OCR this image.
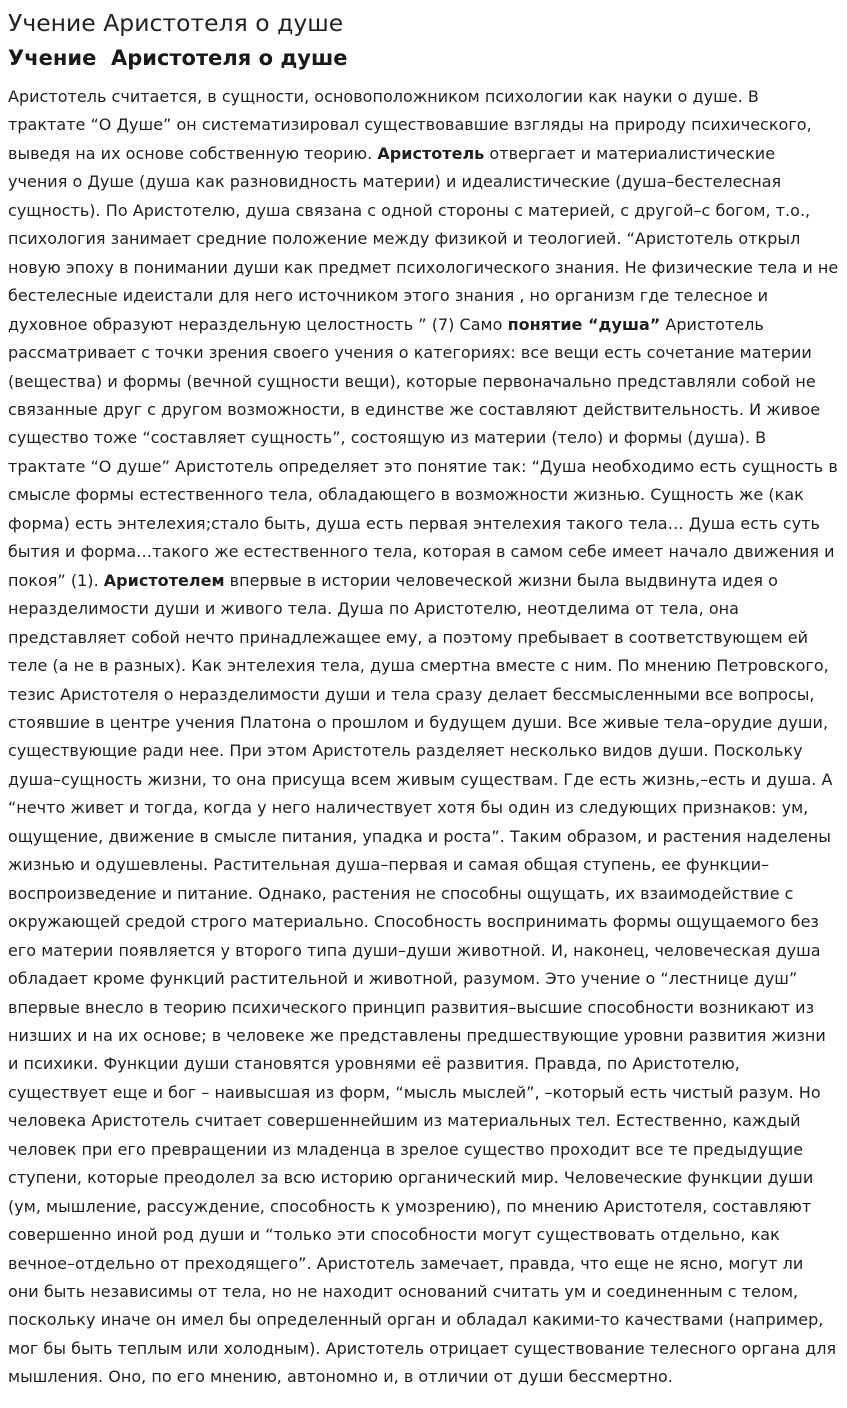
Учение Аристотеля о душе
Учение  Аристотеля о душе

Аристотель считается, в сущности, основоположником психологии как науки о душе. В трактате “О Душе” он систематизировал существовавшие взгляды на природу психического, выведя на их основе собственную теорию. Аристотель отвергает и материалистические учения о Душе (душа как разновидность материи) и идеалистические (душа–бестелесная сущность). По Аристотелю, душа связана с одной стороны с материей, с другой–с богом, т.о., психология занимает средние положение между физикой и теологией. “Аристотель открыл новую эпоху в понимании души как предмет психологического знания. Не физические тела и не бестелесные идеистали для него источником этого знания , но организм где телесное и духовное образуют нераздельную целостность ” (7) Само понятие “душа” Аристотель рассматривает с точки зрения своего учения о категориях: все вещи есть сочетание материи (вещества) и формы (вечной сущности вещи), которые первоначально представляли собой не связанные друг с другом возможности, в единстве же составляют действительность. И живое существо тоже “составляет сущность”, состоящую из материи (тело) и формы (душа). В трактате “О душе” Аристотель определяет это понятие так: “Душа необходимо есть сущность в смысле формы естественного тела, обладающего в возможности жизнью. Сущность же (как форма) есть энтелехия;стало быть, душа есть первая энтелехия такого тела… Душа есть суть бытия и форма…такого же естественного тела, которая в самом себе имеет начало движения и покоя” (1). Аристотелем впервые в истории человеческой жизни была выдвинута идея о неразделимости души и живого тела. Душа по Аристотелю, неотделима от тела, она представляет собой нечто принадлежащее ему, а поэтому пребывает в соответствующем ей теле (а не в разных). Как энтелехия тела, душа смертна вместе с ним. По мнению Петровского, тезис Аристотеля о неразделимости души и тела сразу делает бессмысленными все вопросы, стоявшие в центре учения Платона о прошлом и будущем души. Все живые тела–орудие души, существующие ради нее. При этом Аристотель разделяет несколько видов души. Поскольку душа–сущность жизни, то она присуща всем живым существам. Где есть жизнь,–есть и душа. А “нечто живет и тогда, когда у него наличествует хотя бы один из следующих признаков: ум, ощущение, движение в смысле питания, упадка и роста”. Таким образом, и растения наделены жизнью и одушевлены. Растительная душа–первая и самая общая ступень, ее функции–воспроизведение и питание. Однако, растения не способны ощущать, их взаимодействие с окружающей средой строго материально. Способность воспринимать формы ощущаемого без его материи появляется у второго типа души–души животной. И, наконец, человеческая душа обладает кроме функций растительной и животной, разумом. Это учение о “лестнице душ” впервые внесло в теорию психического принцип развития–высшие способности возникают из низших и на их основе; в человеке же представлены предшествующие уровни развития жизни и психики. Функции души становятся уровнями её развития. Правда, по Аристотелю, существует еще и бог – наивысшая из форм, “мысль мыслей”, –который есть чистый разум. Но человека Аристотель считает совершеннейшим из материальных тел. Естественно, каждый человек при его превращении из младенца в зрелое существо проходит все те предыдущие ступени, которые преодолел за всю историю органический мир. Человеческие функции души (ум, мышление, рассуждение, способность к умозрению), по мнению Аристотеля, составляют совершенно иной род души и “только эти способности могут существовать отдельно, как вечное–отдельно от преходящего”. Аристотель замечает, правда, что еще не ясно, могут ли они быть независимы от тела, но не находит оснований считать ум и соединенным с телом, поскольку иначе он имел бы определенный орган и обладал какими-то качествами (например, мог бы быть теплым или холодным). Аристотель отрицает существование телесного органа для мышления. Оно, по его мнению, автономно и, в отличии от души бессмертно.
